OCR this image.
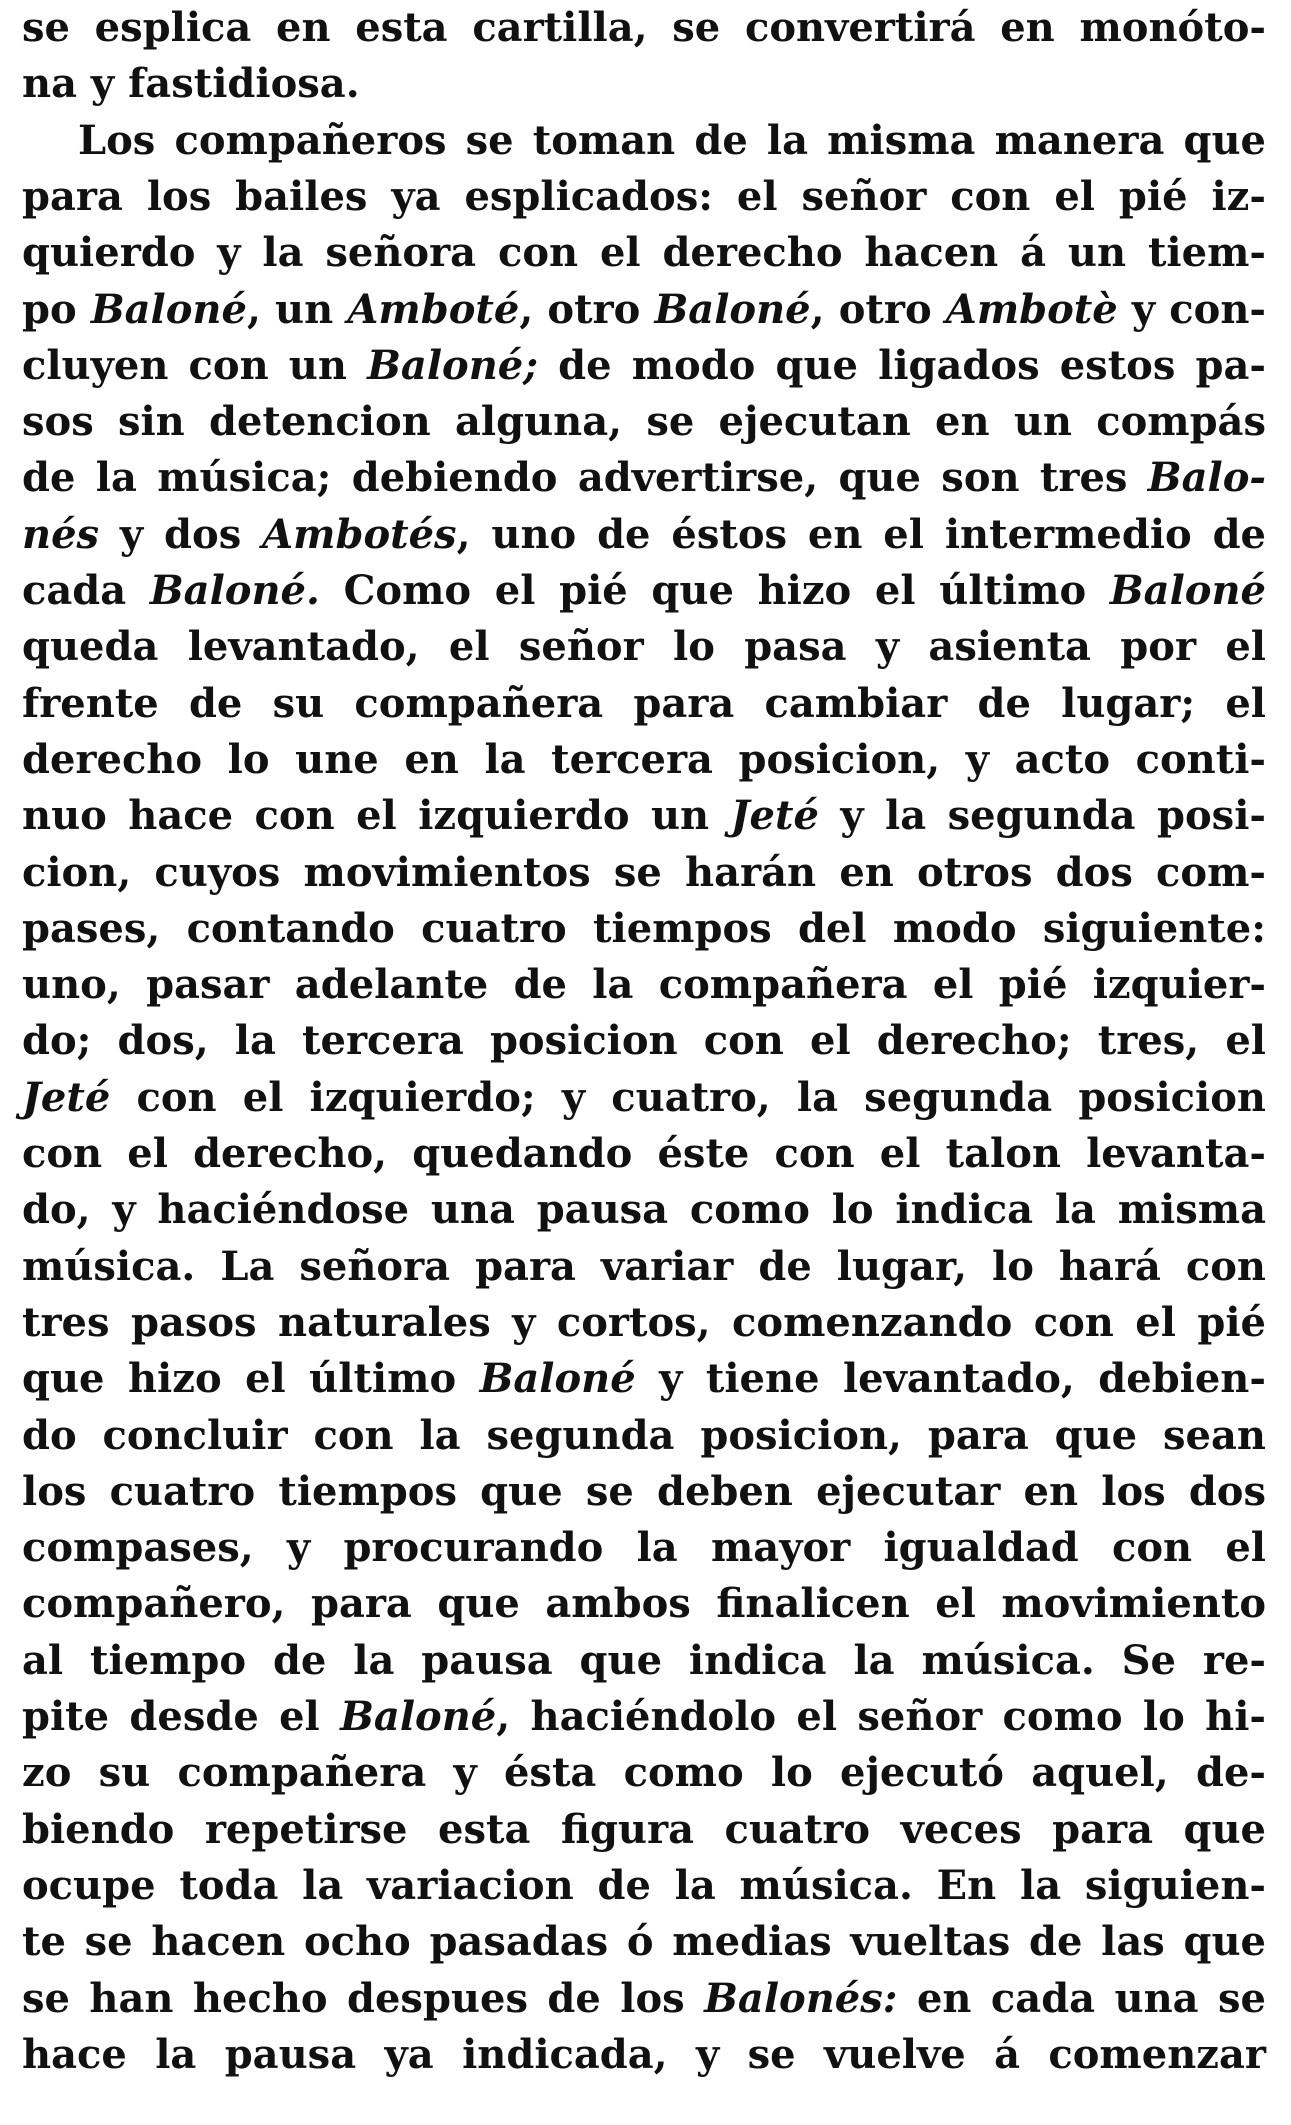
se esplica en esta cartilla, se convertirá en monóto-
na y fastidiosa.
Los compañeros se toman de la misma manera que
para los bailes ya esplicados: el señor con el pié iz-
quierdo y la señora con el derecho hacen á un tiem-
po Baloné, un Amboté, otro Baloné, otro Ambotè y con-
cluyen con un Baloné; de modo que ligados estos pa-
sos sin detencion alguna, se ejecutan en un compás
de la música; debiendo advertirse, que son tres Balo-
nés y dos Ambotés, uno de éstos en el intermedio de
cada Baloné. Como el pié que hizo el último Baloné
queda levantado, el señor lo pasa y asienta por el
frente de su compañera para cambiar de lugar; el
derecho lo une en la tercera posicion, y acto conti-
nuo hace con el izquierdo un Jeté y la segunda posi-
cion, cuyos movimientos se harán en otros dos com-
pases, contando cuatro tiempos del modo siguiente:
uno, pasar adelante de la compañera el pié izquier-
do; dos, la tercera posicion con el derecho; tres, el
Jeté con el izquierdo; y cuatro, la segunda posicion
con el derecho, quedando éste con el talon levanta-
do, y haciéndose una pausa como lo indica la misma
música. La señora para variar de lugar, lo hará con
tres pasos naturales y cortos, comenzando con el pié
que hizo el último Baloné y tiene levantado, debien-
do concluir con la segunda posicion, para que sean
los cuatro tiempos que se deben ejecutar en los dos
compases, y procurando la mayor igualdad con el
compañero, para que ambos finalicen el movimiento
al tiempo de la pausa que indica la música. Se re-
pite desde el Baloné, haciéndolo el señor como lo hi-
zo su compañera y ésta como lo ejecutó aquel, de-
biendo repetirse esta figura cuatro veces para que
ocupe toda la variacion de la música. En la siguien-
te se hacen ocho pasadas ó medias vueltas de las que
se han hecho despues de los Balonés: en cada una se
hace la pausa ya indicada, y se vuelve á comenzar
